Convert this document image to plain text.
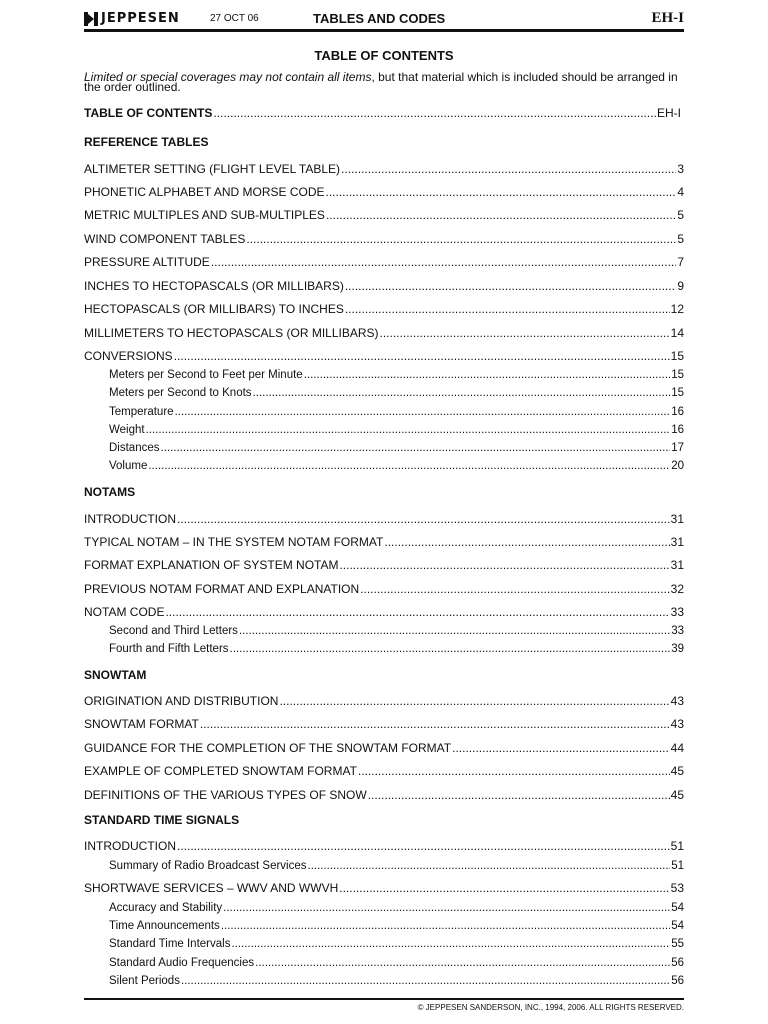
JEPPESEN	27 OCT 06	TABLES AND CODES	EH-I
TABLE OF CONTENTS
Limited or special coverages may not contain all items, but that material which is included should be arranged in the order outlined.
TABLE OF CONTENTS .....	EH-I
REFERENCE TABLES
ALTIMETER SETTING (FLIGHT LEVEL TABLE) .....	3
PHONETIC ALPHABET AND MORSE CODE .....	4
METRIC MULTIPLES AND SUB-MULTIPLES .....	5
WIND COMPONENT TABLES .....	5
PRESSURE ALTITUDE .....	7
INCHES TO HECTOPASCALS (OR MILLIBARS) .....	9
HECTOPASCALS (OR MILLIBARS) TO INCHES .....	12
MILLIMETERS TO HECTOPASCALS (OR MILLIBARS) .....	14
CONVERSIONS .....	15
Meters per Second to Feet per Minute .....	15
Meters per Second to Knots .....	15
Temperature .....	16
Weight .....	16
Distances .....	17
Volume .....	20
NOTAMS
INTRODUCTION .....	31
TYPICAL NOTAM – IN THE SYSTEM NOTAM FORMAT .....	31
FORMAT EXPLANATION OF SYSTEM NOTAM .....	31
PREVIOUS NOTAM FORMAT AND EXPLANATION .....	32
NOTAM CODE .....	33
Second and Third Letters .....	33
Fourth and Fifth Letters .....	39
SNOWTAM
ORIGINATION AND DISTRIBUTION .....	43
SNOWTAM FORMAT .....	43
GUIDANCE FOR THE COMPLETION OF THE SNOWTAM FORMAT .....	44
EXAMPLE OF COMPLETED SNOWTAM FORMAT .....	45
DEFINITIONS OF THE VARIOUS TYPES OF SNOW .....	45
STANDARD TIME SIGNALS
INTRODUCTION .....	51
Summary of Radio Broadcast Services .....	51
SHORTWAVE SERVICES – WWV AND WWVH .....	53
Accuracy and Stability .....	54
Time Announcements .....	54
Standard Time Intervals .....	55
Standard Audio Frequencies .....	56
Silent Periods .....	56
© JEPPESEN SANDERSON, INC., 1994, 2006. ALL RIGHTS RESERVED.
